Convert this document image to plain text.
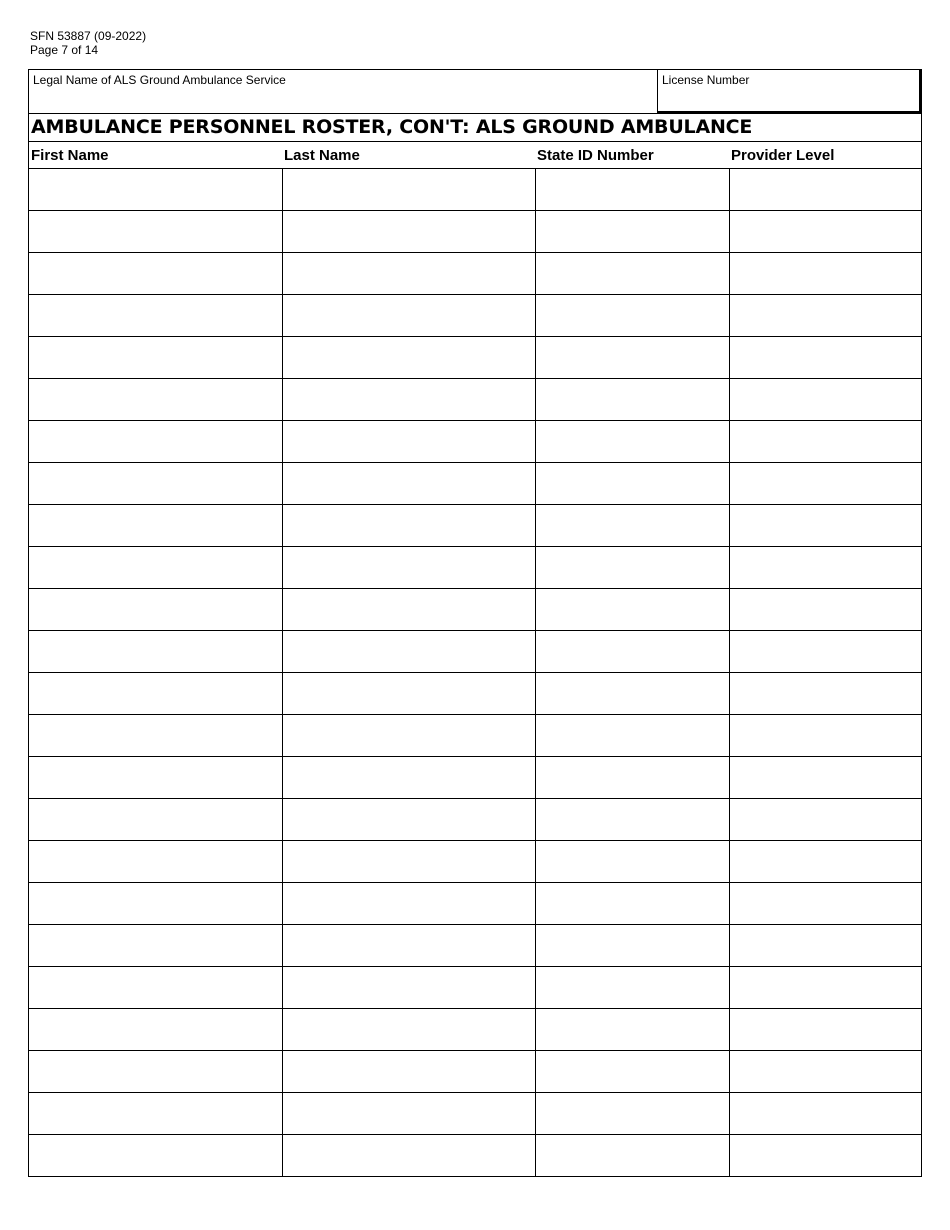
SFN 53887 (09-2022)
Page 7 of 14
Legal Name of ALS Ground Ambulance Service	License Number
AMBULANCE PERSONNEL ROSTER, CON'T: ALS GROUND AMBULANCE
First Name	Last Name	State ID Number	Provider Level
